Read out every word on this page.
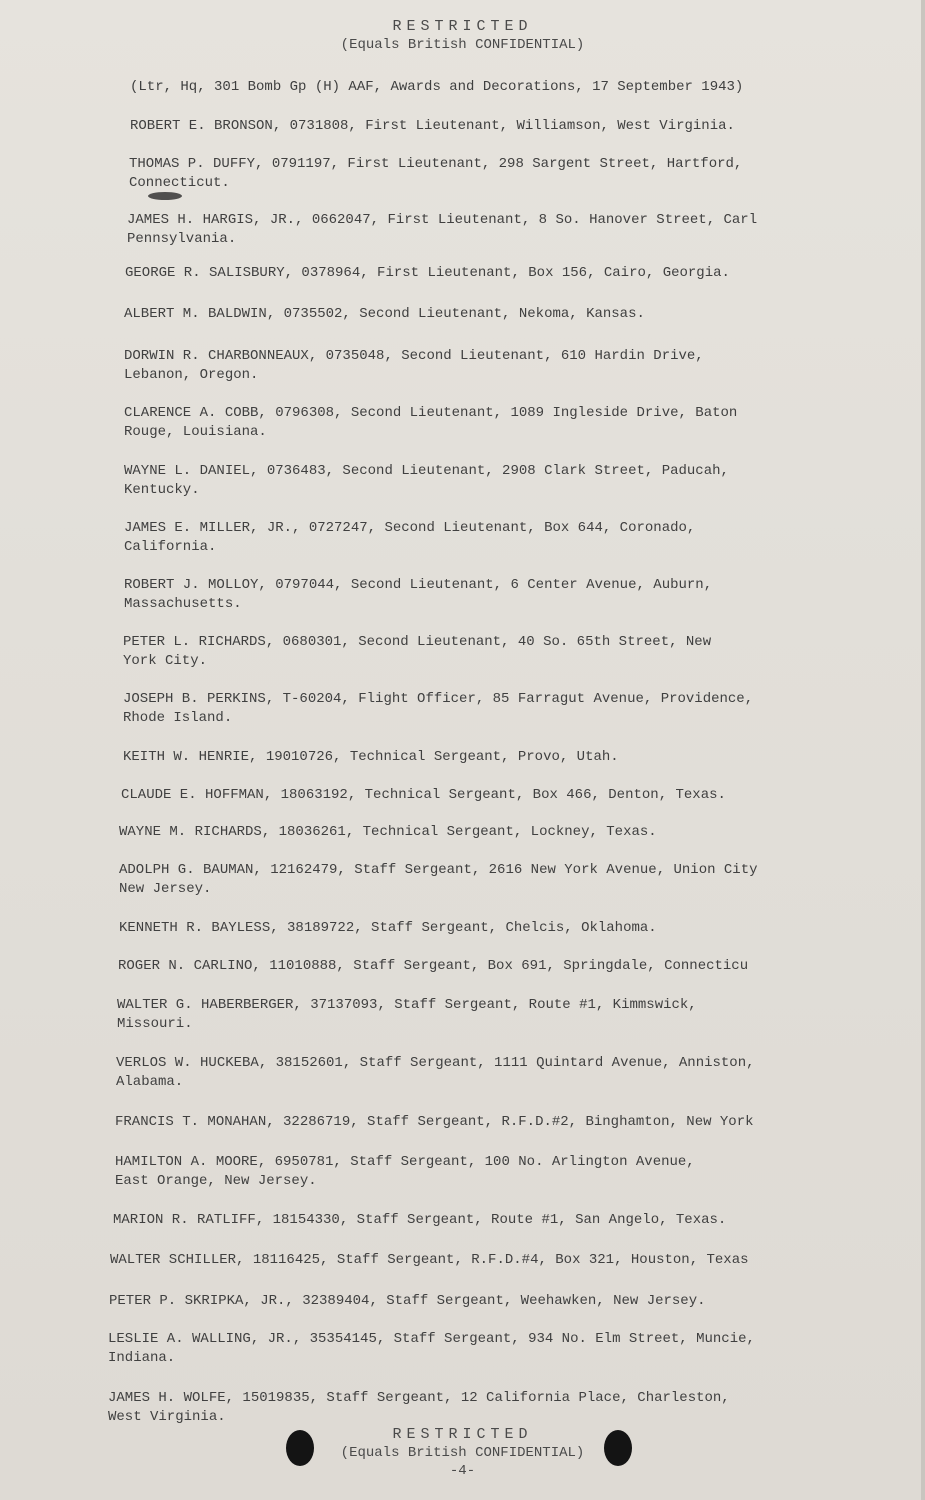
RESTRICTED
(Equals British CONFIDENTIAL)
(Ltr, Hq, 301 Bomb Gp (H) AAF, Awards and Decorations, 17 September 1943)
ROBERT E. BRONSON, 0731808, First Lieutenant, Williamson, West Virginia.
THOMAS P. DUFFY, 0791197, First Lieutenant, 298 Sargent Street, Hartford,
Connecticut.
JAMES H. HARGIS, JR., 0662047, First Lieutenant, 8 So. Hanover Street, Carl
Pennsylvania.
GEORGE R. SALISBURY, 0378964, First Lieutenant, Box 156, Cairo, Georgia.
ALBERT M. BALDWIN, 0735502, Second Lieutenant, Nekoma, Kansas.
DORWIN R. CHARBONNEAUX, 0735048, Second Lieutenant, 610 Hardin Drive,
Lebanon, Oregon.
CLARENCE A. COBB, 0796308, Second Lieutenant, 1089 Ingleside Drive, Baton
Rouge, Louisiana.
WAYNE L. DANIEL, 0736483, Second Lieutenant, 2908 Clark Street, Paducah,
Kentucky.
JAMES E. MILLER, JR., 0727247, Second Lieutenant, Box 644, Coronado,
California.
ROBERT J. MOLLOY, 0797044, Second Lieutenant, 6 Center Avenue, Auburn,
Massachusetts.
PETER L. RICHARDS, 0680301, Second Lieutenant, 40 So. 65th Street, New
York City.
JOSEPH B. PERKINS, T-60204, Flight Officer, 85 Farragut Avenue, Providence,
Rhode Island.
KEITH W. HENRIE, 19010726, Technical Sergeant, Provo, Utah.
CLAUDE E. HOFFMAN, 18063192, Technical Sergeant, Box 466, Denton, Texas.
WAYNE M. RICHARDS, 18036261, Technical Sergeant, Lockney, Texas.
ADOLPH G. BAUMAN, 12162479, Staff Sergeant, 2616 New York Avenue, Union City
New Jersey.
KENNETH R. BAYLESS, 38189722, Staff Sergeant, Chelcis, Oklahoma.
ROGER N. CARLINO, 11010888, Staff Sergeant, Box 691, Springdale, Connecticu
WALTER G. HABERBERGER, 37137093, Staff Sergeant, Route #1, Kimmswick,
Missouri.
VERLOS W. HUCKEBA, 38152601, Staff Sergeant, 1111 Quintard Avenue, Anniston,
Alabama.
FRANCIS T. MONAHAN, 32286719, Staff Sergeant, R.F.D.#2, Binghamton, New York
HAMILTON A. MOORE, 6950781, Staff Sergeant, 100 No. Arlington Avenue,
East Orange, New Jersey.
MARION R. RATLIFF, 18154330, Staff Sergeant, Route #1, San Angelo, Texas.
WALTER SCHILLER, 18116425, Staff Sergeant, R.F.D.#4, Box 321, Houston, Texas
PETER P. SKRIPKA, JR., 32389404, Staff Sergeant, Weehawken, New Jersey.
LESLIE A. WALLING, JR., 35354145, Staff Sergeant, 934 No. Elm Street, Muncie,
Indiana.
JAMES H. WOLFE, 15019835, Staff Sergeant, 12 California Place, Charleston,
West Virginia.
RESTRICTED
(Equals British CONFIDENTIAL)
-4-
